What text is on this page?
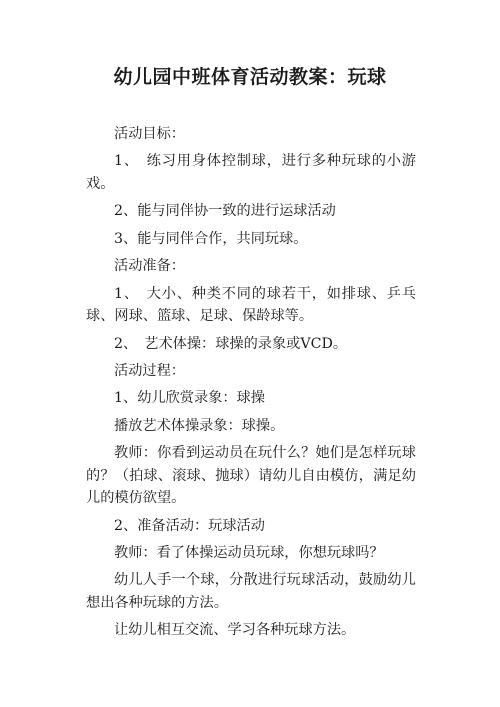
幼儿园中班体育活动教案：玩球

活动目标：

1、　练习用身体控制球，进行多种玩球的小游戏。

2、能与同伴协一致的进行运球活动

3、能与同伴合作，共同玩球。

活动准备：

1、　大小、种类不同的球若干，如排球、乒乓球、网球、篮球、足球、保龄球等。

2、　艺术体操：球操的录象或VCD。

活动过程：

1、幼儿欣赏录象：球操

播放艺术体操录象：球操。

教师：你看到运动员在玩什么？她们是怎样玩球的？（拍球、滚球、抛球）请幼儿自由模仿，满足幼儿的模仿欲望。

2、准备活动：玩球活动

教师：看了体操运动员玩球，你想玩球吗？

幼儿人手一个球，分散进行玩球活动，鼓励幼儿想出各种玩球的方法。

让幼儿相互交流、学习各种玩球方法。
